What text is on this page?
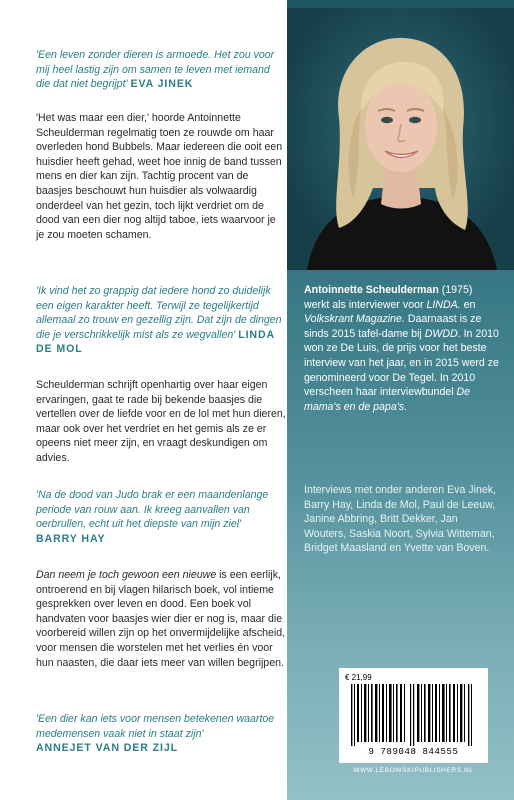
'Een leven zonder dieren is armoede. Het zou voor mij heel lastig zijn om samen te leven met iemand die dat niet begrijpt' EVA JINEK

'Het was maar een dier,' hoorde Antoinnette Scheulderman regelmatig toen ze rouwde om haar overleden hond Bubbels. Maar iedereen die ooit een huisdier heeft gehad, weet hoe innig de band tussen mens en dier kan zijn. Tachtig procent van de baasjes beschouwt hun huisdier als volwaardig onderdeel van het gezin, toch lijkt verdriet om de dood van een dier nog altijd taboe, iets waarvoor je je zou moeten schamen.

'Ik vind het zo grappig dat iedere hond zo duidelijk een eigen karakter heeft. Terwijl ze tegelijkertijd allemaal zo trouw en gezellig zijn. Dat zijn de dingen die je verschrikkelijk mist als ze wegvallen' LINDA DE MOL

Scheulderman schrijft openhartig over haar eigen ervaringen, gaat te rade bij bekende baasjes die vertellen over de liefde voor en de lol met hun dieren, maar ook over het verdriet en het gemis als ze er opeens niet meer zijn, en vraagt deskundigen om advies.

'Na de dood van Judo brak er een maandenlange periode van rouw aan. Ik kreeg aanvallen van oerbrullen, echt uit het diepste van mijn ziel'
BARRY HAY

Dan neem je toch gewoon een nieuwe is een eerlijk, ontroerend en bij vlagen hilarisch boek, vol intieme gesprekken over leven en dood. Een boek vol handvaten voor baasjes wier dier er nog is, maar die voorbereid willen zijn op het onvermijdelijke afscheid, voor mensen die worstelen met het verlies én voor hun naasten, die daar iets meer van willen begrijpen.

'Een dier kan iets voor mensen betekenen waartoe medemensen vaak niet in staat zijn'
ANNEJET VAN DER ZIJL

Antoinnette Scheulderman (1975) werkt als interviewer voor LINDA. en Volkskrant Magazine. Daarnaast is ze sinds 2015 tafel-dame bij DWDD. In 2010 won ze De Luis, de prijs voor het beste interview van het jaar, en in 2015 werd ze genomineerd voor De Tegel. In 2010 verscheen haar interviewbundel De mama's en de papa's.

Interviews met onder anderen Eva Jinek, Barry Hay, Linda de Mol, Paul de Leeuw, Janine Abbring, Britt Dekker, Jan Wouters, Saskia Noort, Sylvia Witteman, Bridget Maasland en Yvette van Boven.

€ 21,99
9 789048 844555
WWW.LEBOWSKIPUBLISHERS.NL
